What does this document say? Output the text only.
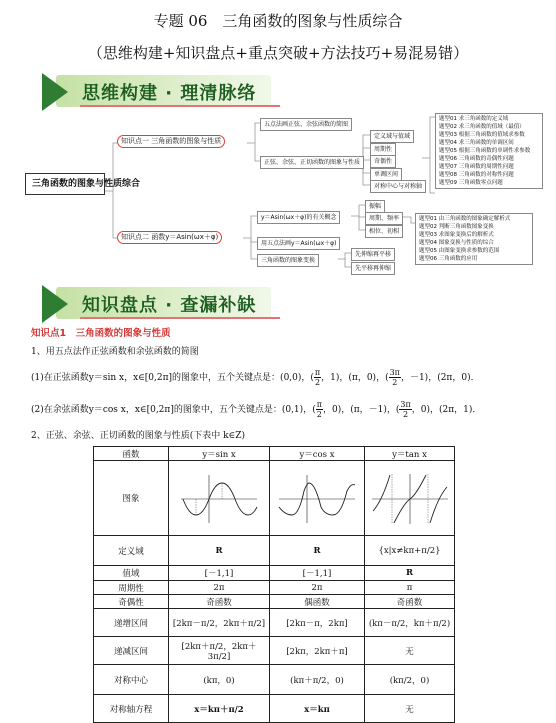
专题 06　三角函数的图象与性质综合
（思维构建+知识盘点+重点突破+方法技巧+易混易错）
思维构建 · 理清脉络
三角函数的图象与性质综合
知识点一 三角函数的图象与性质
知识点二 函数y＝Asin(ωx＋φ)
五点法画正弦、余弦函数的简图
正弦、余弦、正切函数的图象与性质
定义域与值域
周期性
奇偶性
单调区间
对称中心与对称轴
题型01 求三角函数的定义域
题型02 求三角函数的值域（最值）
题型03 根据三角函数的值域求参数
题型04 求三角函数的单调区间
题型05 根据三角函数的单调性求参数
题型06 三角函数的奇偶性问题
题型07 三角函数的周期性问题
题型08 三角函数的对称性问题
题型09 三角函数零点问题
y＝Asin(ωx＋φ)的有关概念
振幅
周期、频率
相位、初相
用五点法画y＝Asin(ωx＋φ)
三角函数的图象变换
先伸缩再平移
先平移再伸缩
题型01 由三角函数的图象确定解析式
题型02 判断三角函数图象变换
题型03 求图象变换后的解析式
题型04 图象变换与性质的综合
题型05 由图象变换求参数的范围
题型06 三角函数的应用
知识盘点 · 查漏补缺
知识点1　三角函数的图象与性质
1、用五点法作正弦函数和余弦函数的简图
(1)在正弦函数y＝sin x，x∈[0,2π]的图象中，五个关键点是：(0,0)，( $\frac{\pi}{2}$ ，1)，(π，0)，( $\frac{3\pi}{2}$ ，－1)，(2π，0)．
(2)在余弦函数y＝cos x，x∈[0,2π]的图象中，五个关键点是：(0,1)，( $\frac{\pi}{2}$ ，0)，(π，－1)，( $\frac{3\pi}{2}$ ，0)，(2π，1)．
2、正弦、余弦、正切函数的图象与性质(下表中 k∈Z)
函数	y＝sin x	y＝cos x	y＝tan x
图象	

定义域	R	R	{x|x≠kπ+π/2}
值域	[－1,1]	[－1,1]	R
周期性	2π	2π	π
奇偶性	奇函数	偶函数	奇函数
递增区间	[2kπ－π/2，2kπ＋π/2]	[2kπ－π，2kπ]	(kπ－π/2，kπ＋π/2)
递减区间	[2kπ＋π/2，2kπ＋3π/2]	[2kπ，2kπ＋π]	无
对称中心	(kπ，0)	(kπ＋π/2，0)	(kπ/2，0)
对称轴方程	x＝kπ＋π/2	x＝kπ	无
